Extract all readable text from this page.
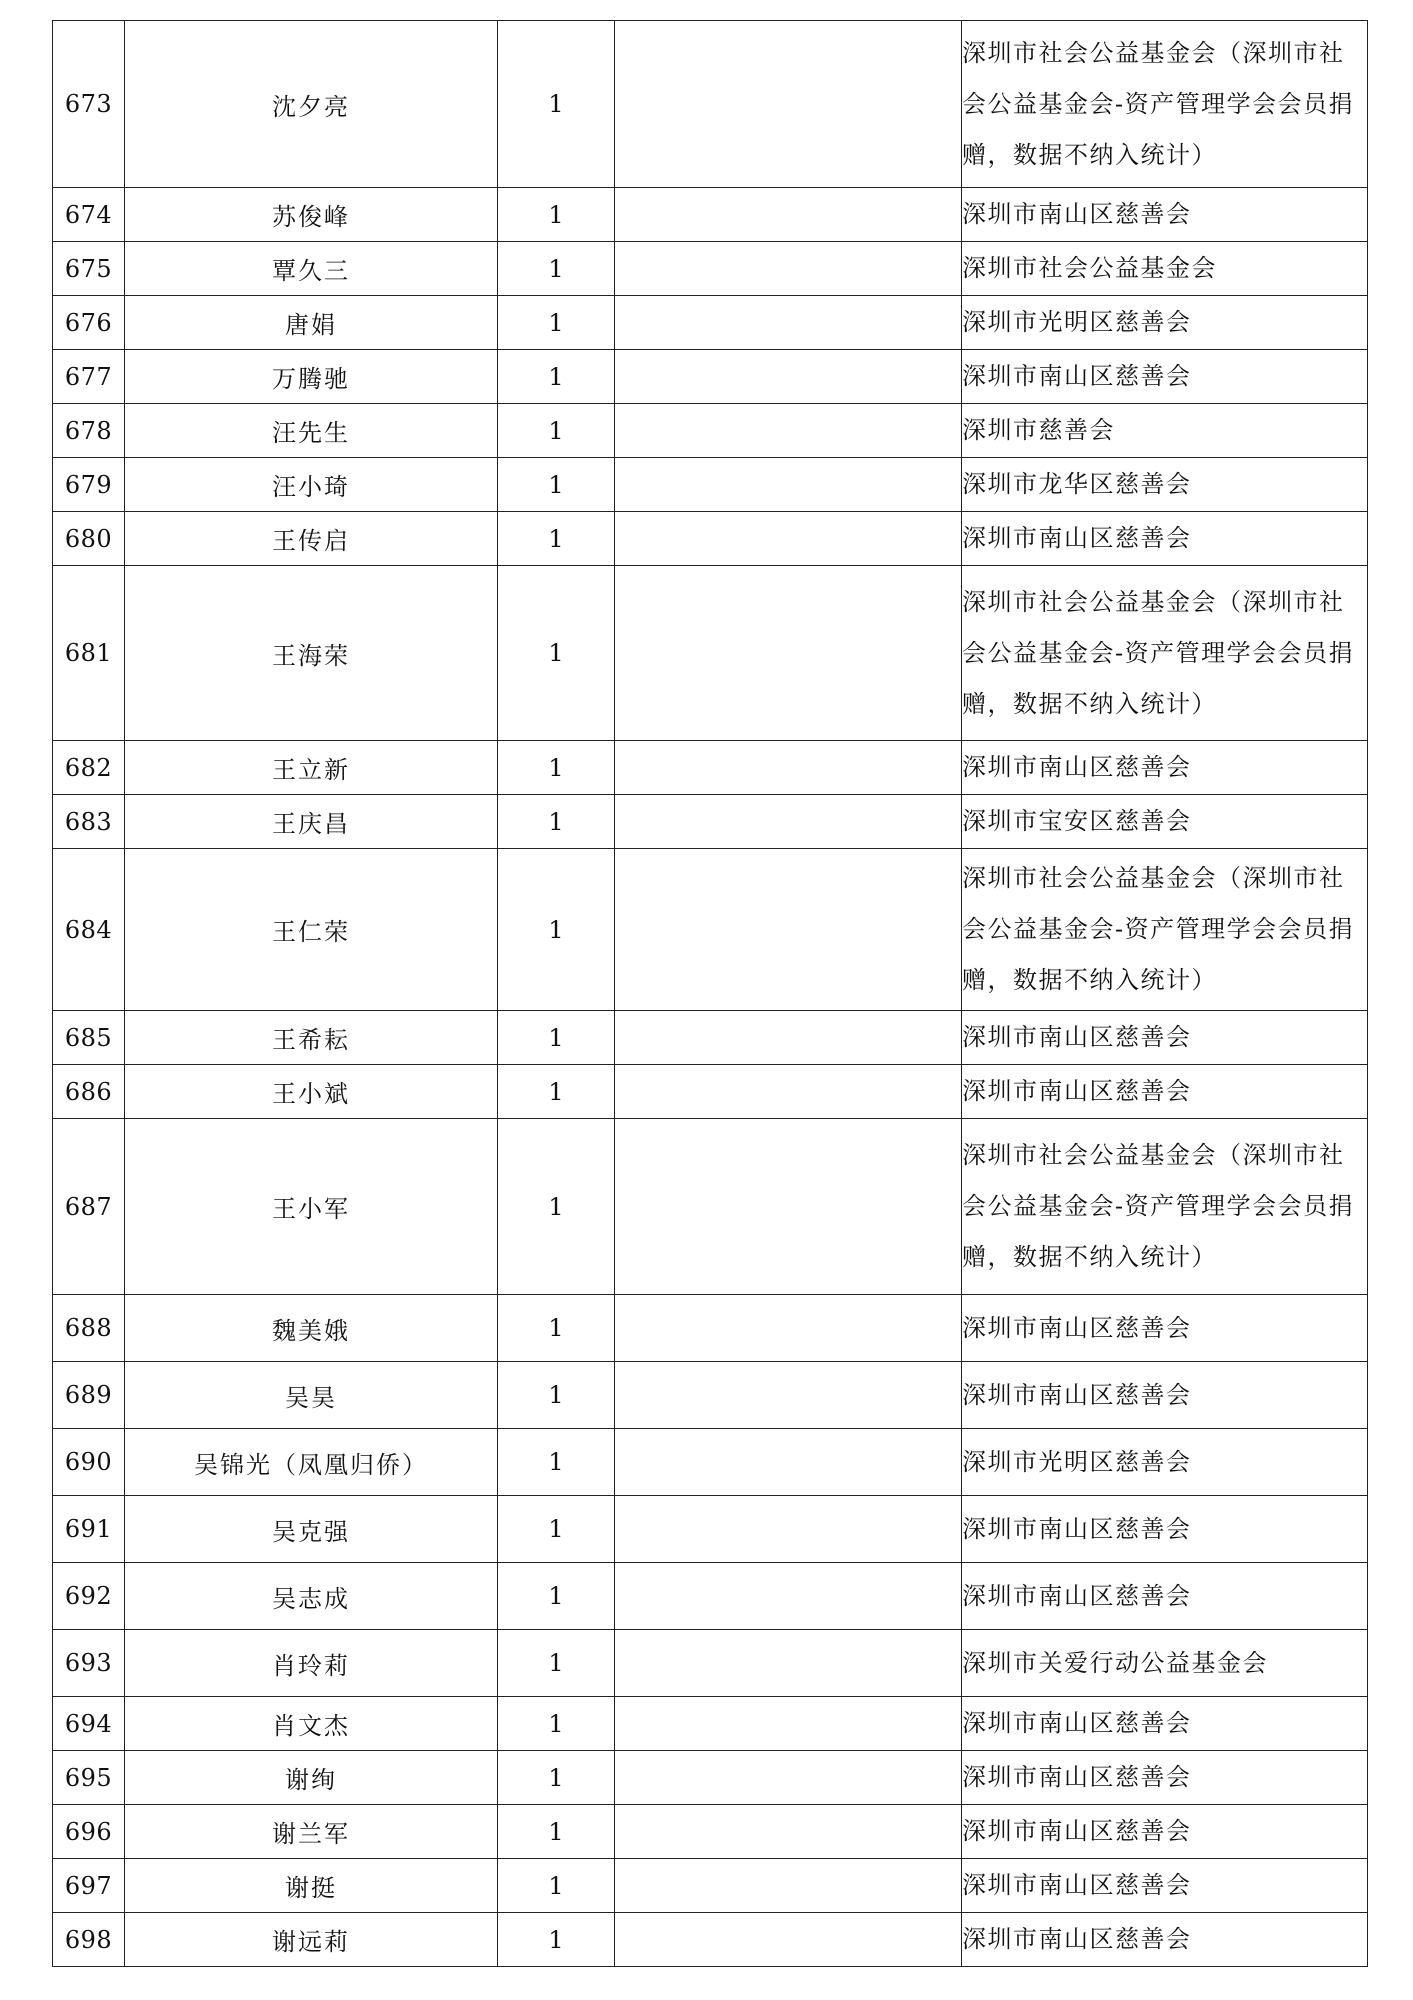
673	沈夕亮	1		深圳市社会公益基金会（深圳市社会公益基金会-资产管理学会会员捐赠，数据不纳入统计）
674	苏俊峰	1		深圳市南山区慈善会
675	覃久三	1		深圳市社会公益基金会
676	唐娟	1		深圳市光明区慈善会
677	万腾驰	1		深圳市南山区慈善会
678	汪先生	1		深圳市慈善会
679	汪小琦	1		深圳市龙华区慈善会
680	王传启	1		深圳市南山区慈善会
681	王海荣	1		深圳市社会公益基金会（深圳市社会公益基金会-资产管理学会会员捐赠，数据不纳入统计）
682	王立新	1		深圳市南山区慈善会
683	王庆昌	1		深圳市宝安区慈善会
684	王仁荣	1		深圳市社会公益基金会（深圳市社会公益基金会-资产管理学会会员捐赠，数据不纳入统计）
685	王希耘	1		深圳市南山区慈善会
686	王小斌	1		深圳市南山区慈善会
687	王小军	1		深圳市社会公益基金会（深圳市社会公益基金会-资产管理学会会员捐赠，数据不纳入统计）
688	魏美娥	1		深圳市南山区慈善会
689	吴昊	1		深圳市南山区慈善会
690	吴锦光（凤凰归侨）	1		深圳市光明区慈善会
691	吴克强	1		深圳市南山区慈善会
692	吴志成	1		深圳市南山区慈善会
693	肖玲莉	1		深圳市关爱行动公益基金会
694	肖文杰	1		深圳市南山区慈善会
695	谢绚	1		深圳市南山区慈善会
696	谢兰军	1		深圳市南山区慈善会
697	谢挺	1		深圳市南山区慈善会
698	谢远莉	1		深圳市南山区慈善会
